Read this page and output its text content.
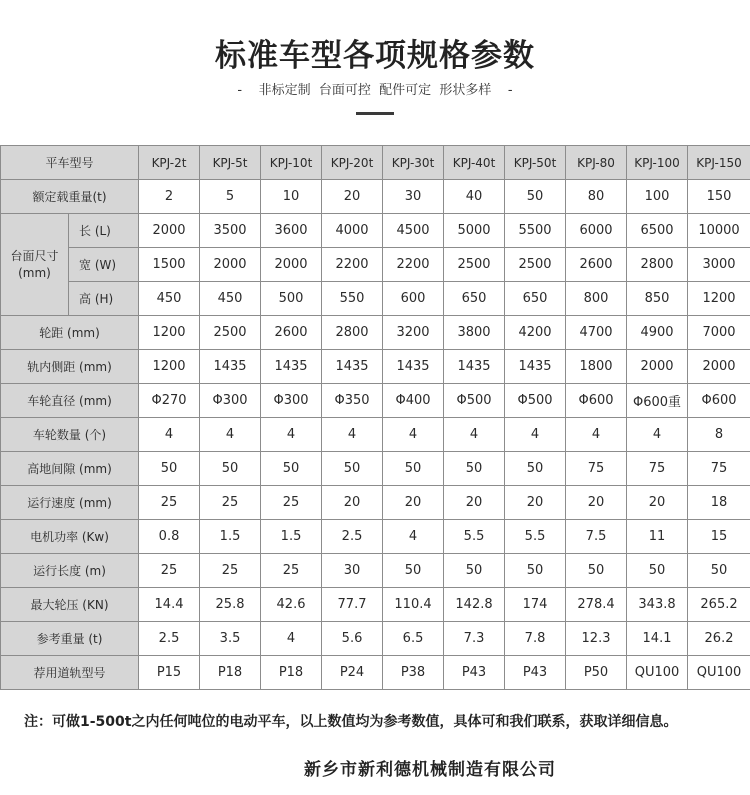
标准车型各项规格参数
-    非标定制  台面可控  配件可定  形状多样    -
平车型号		KPJ-2t	KPJ-5t	KPJ-10t	KPJ-20t	KPJ-30t	KPJ-40t	KPJ-50t	KPJ-80	KPJ-100	KPJ-150
额定载重量(t)		2	5	10	20	30	40	50	80	100	150
台面尺寸
(mm)	长 (L)	2000	3500	3600	4000	4500	5000	5500	6000	6500	10000
	宽 (W)	1500	2000	2000	2200	2200	2500	2500	2600	2800	3000
	高 (H)	450	450	500	550	600	650	650	800	850	1200
轮距 (mm)		1200	2500	2600	2800	3200	3800	4200	4700	4900	7000
轨内侧距 (mm)		1200	1435	1435	1435	1435	1435	1435	1800	2000	2000
车轮直径 (mm)		Φ270	Φ300	Φ300	Φ350	Φ400	Φ500	Φ500	Φ600	Φ600重	Φ600
车轮数量 (个)		4	4	4	4	4	4	4	4	4	8
高地间隙 (mm)		50	50	50	50	50	50	50	75	75	75
运行速度 (mm)		25	25	25	20	20	20	20	20	20	18
电机功率 (Kw)		0.8	1.5	1.5	2.5	4	5.5	5.5	7.5	11	15
运行长度 (m)		25	25	25	30	50	50	50	50	50	50
最大轮压 (KN)		14.4	25.8	42.6	77.7	110.4	142.8	174	278.4	343.8	265.2
参考重量 (t)		2.5	3.5	4	5.6	6.5	7.3	7.8	12.3	14.1	26.2
荐用道轨型号		P15	P18	P18	P24	P38	P43	P43	P50	QU100	QU100
注：可做1-500t之内任何吨位的电动平车，以上数值均为参考数值，具体可和我们联系，获取详细信息。
新乡市新利德机械制造有限公司
